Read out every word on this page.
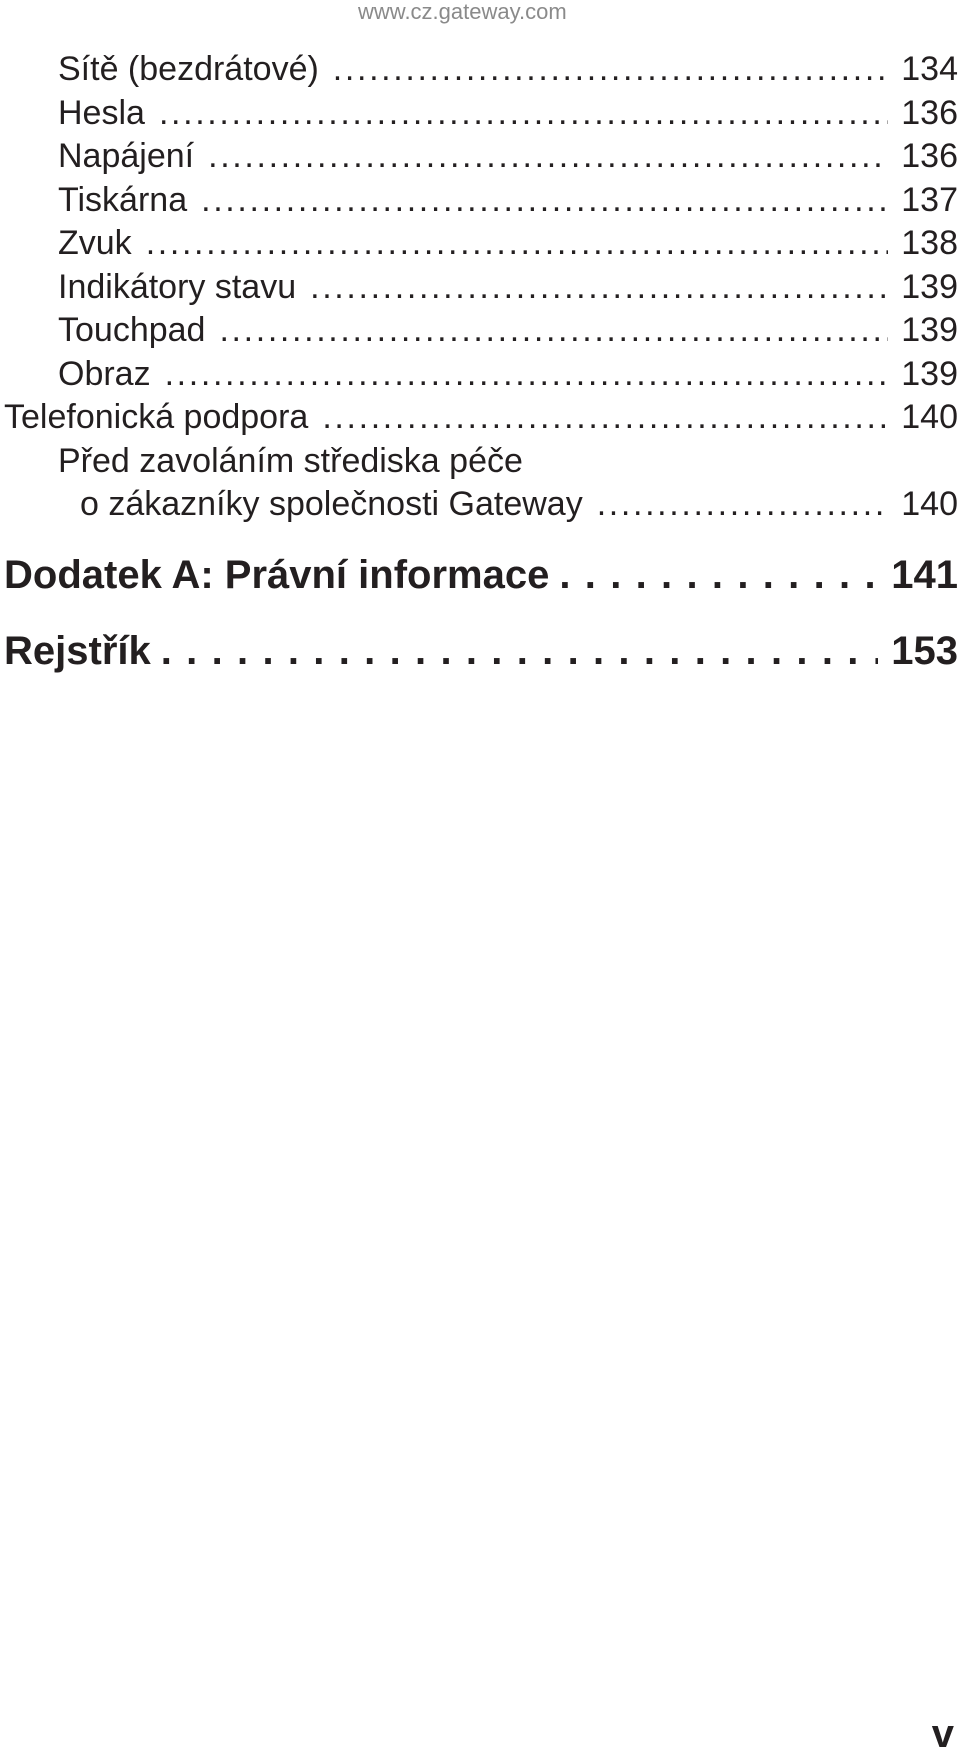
www.cz.gateway.com
Sítě (bezdrátové) . . .	134
Hesla . . .	136
Napájení . . .	136
Tiskárna . . .	137
Zvuk . . .	138
Indikátory stavu . . .	139
Touchpad . . .	139
Obraz . . .	139
Telefonická podpora . . .	140
Před zavoláním střediska péče
o zákazníky společnosti Gateway . . .	140
Dodatek A: Právní informace . . .	141
Rejstřík . . .	153
v
